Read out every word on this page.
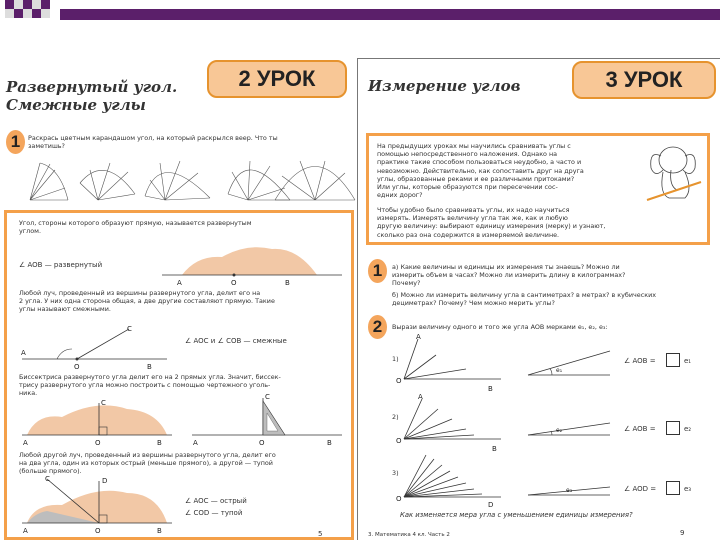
Развернутый угол.
Смежные углы
2 УРОК
1	Раскрась цветным карандашом угол, на который раскрылся веер. Что ты
заметишь?
Угол, стороны которого образуют прямую, называется развернутым
углом.
∠ AOB — развернутый
A	O	B
Любой луч, проведенный из вершины развернутого угла, делит его на
2 угла. У них одна сторона общая, а две другие составляют прямую. Такие
углы называют смежными.
A
O	B
C
∠ AOC и ∠ COB — смежные
Биссектриса развернутого угла делит его на 2 прямых угла. Значит, биссек-
трису развернутого угла можно построить с помощью чертежного уголь-
ника.
A	O	B
C
A	O	B
C
Любой другой луч, проведенный из вершины развернутого угла, делит его
на два угла, один из которых острый (меньше прямого), а другой — тупой
(больше прямого).
A	O	B
C	D
∠ AOC — острый
∠ COD — тупой
5
Измерение углов	3 УРОК
На предыдущих уроках мы научились сравнивать углы с
помощью непосредственного наложения. Однако на
практике такие способом пользоваться неудобно, а часто и
невозможно. Действительно, как сопоставить друг на друга
углы, образованные реками и ее различными притоками?
Или углы, которые образуются при пересечении сос-
едних дорог?
Чтобы удобно было сравнивать углы, их надо научиться
измерять. Измерять величину угла так же, как и любую
другую величину: выбирают единицу измерения (мерку) и узнают,
сколько раз она содержится в измеряемой величине.
1	а) Какие величины и единицы их измерения ты знаешь? Можно ли
измерить объем в часах? Можно ли измерить длину в килограммах?
Почему?
б) Можно ли измерить величину угла в сантиметрах? в метрах? в кубических
дециметрах? Почему? Чем можно мерить углы?
2	Вырази величину одного и того же угла AOB мерками e₁, e₂, e₃:
1)
O
A
B
e₁
∠ AOB =	e₁
2)
O
A
B
e₂	∠ AOB =	e₂
3)
O
D
e₃	∠ AOD =	e₃
Как изменяется мера угла с уменьшением единицы измерения?
3. Математика 4 кл. Часть 2	9
